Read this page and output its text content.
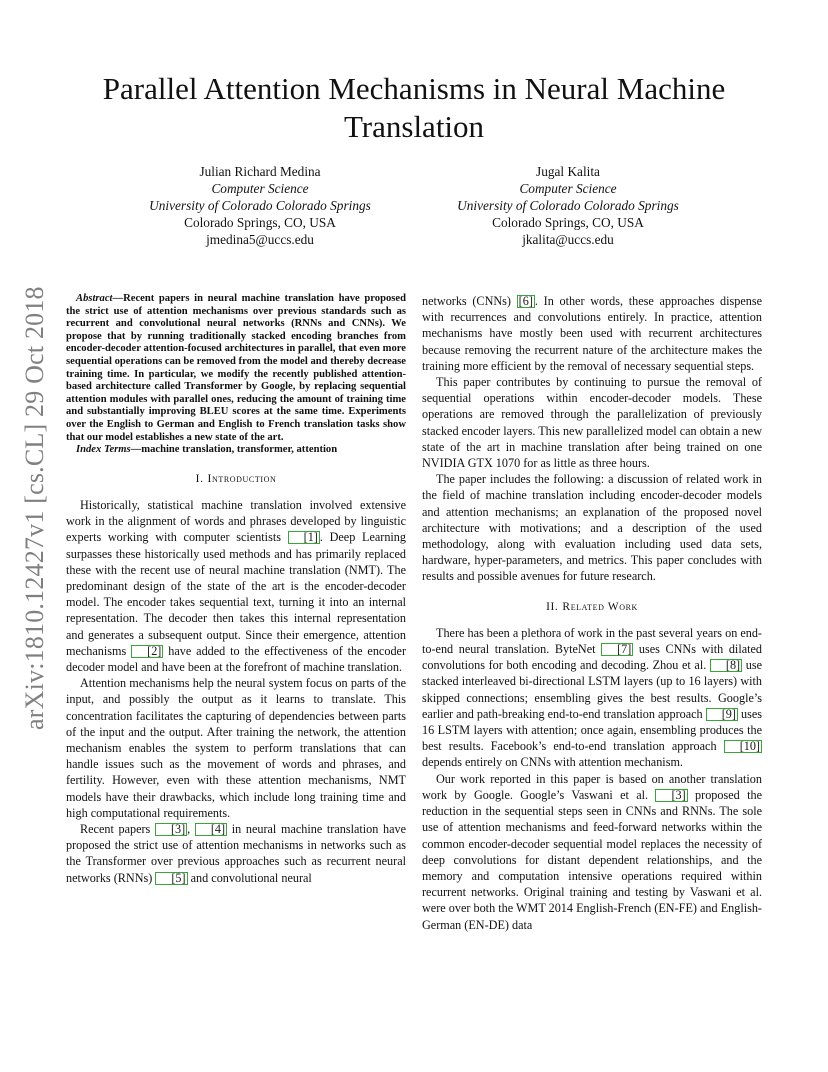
arXiv:1810.12427v1 [cs.CL] 29 Oct 2018
Parallel Attention Mechanisms in Neural Machine
Translation
Julian Richard Medina
Computer Science
University of Colorado Colorado Springs
Colorado Springs, CO, USA
jmedina5@uccs.edu
Jugal Kalita
Computer Science
University of Colorado Colorado Springs
Colorado Springs, CO, USA
jkalita@uccs.edu

Abstract—Recent papers in neural machine translation have proposed the strict use of attention mechanisms over previous standards such as recurrent and convolutional neural networks (RNNs and CNNs). We propose that by running traditionally stacked encoding branches from encoder-decoder attention-focused architectures in parallel, that even more sequential operations can be removed from the model and thereby decrease training time. In particular, we modify the recently published attention-based architecture called Transformer by Google, by replacing sequential attention modules with parallel ones, reducing the amount of training time and substantially improving BLEU scores at the same time. Experiments over the English to German and English to French translation tasks show that our model establishes a new state of the art.

Index Terms—machine translation, transformer, attention

I. Introduction

Historically, statistical machine translation involved extensive work in the alignment of words and phrases developed by linguistic experts working with computer scientists [1] . Deep Learning surpasses these historically used methods and has primarily replaced these with the recent use of neural machine translation (NMT). The predominant design of the state of the art is the encoder-decoder model. The encoder takes sequential text, turning it into an internal representation. The decoder then takes this internal representation and generates a subsequent output. Since their emergence, attention mechanisms [2] have added to the effectiveness of the encoder decoder model and have been at the forefront of machine translation.

Attention mechanisms help the neural system focus on parts of the input, and possibly the output as it learns to translate. This concentration facilitates the capturing of dependencies between parts of the input and the output. After training the network, the attention mechanism enables the system to perform translations that can handle issues such as the movement of words and phrases, and fertility. However, even with these attention mechanisms, NMT models have their drawbacks, which include long training time and high computational requirements.

Recent papers [3] , [4] in neural machine translation have proposed the strict use of attention mechanisms in networks such as the Transformer over previous approaches such as recurrent neural networks (RNNs) [5] and convolutional neural

networks (CNNs) [6] . In other words, these approaches dispense with recurrences and convolutions entirely. In practice, attention mechanisms have mostly been used with recurrent architectures because removing the recurrent nature of the architecture makes the training more efficient by the removal of necessary sequential steps.

This paper contributes by continuing to pursue the removal of sequential operations within encoder-decoder models. These operations are removed through the parallelization of previously stacked encoder layers. This new parallelized model can obtain a new state of the art in machine translation after being trained on one NVIDIA GTX 1070 for as little as three hours.

The paper includes the following: a discussion of related work in the field of machine translation including encoder-decoder models and attention mechanisms; an explanation of the proposed novel architecture with motivations; and a description of the used methodology, along with evaluation including used data sets, hardware, hyper-parameters, and metrics. This paper concludes with results and possible avenues for future research.

II. Related Work

There has been a plethora of work in the past several years on end-to-end neural translation. ByteNet [7] uses CNNs with dilated convolutions for both encoding and decoding. Zhou et al. [8] use stacked interleaved bi-directional LSTM layers (up to 16 layers) with skipped connections; ensembling gives the best results. Google’s earlier and path-breaking end-to-end translation approach [9] uses 16 LSTM layers with attention; once again, ensembling produces the best results. Facebook’s end-to-end translation approach [10] depends entirely on CNNs with attention mechanism.

Our work reported in this paper is based on another translation work by Google. Google’s Vaswani et al. [3] proposed the reduction in the sequential steps seen in CNNs and RNNs. The sole use of attention mechanisms and feed-forward networks within the common encoder-decoder sequential model replaces the necessity of deep convolutions for distant dependent relationships, and the memory and computation intensive operations required within recurrent networks. Original training and testing by Vaswani et al. were over both the WMT 2014 English-French (EN-FE) and English-German (EN-DE) data
